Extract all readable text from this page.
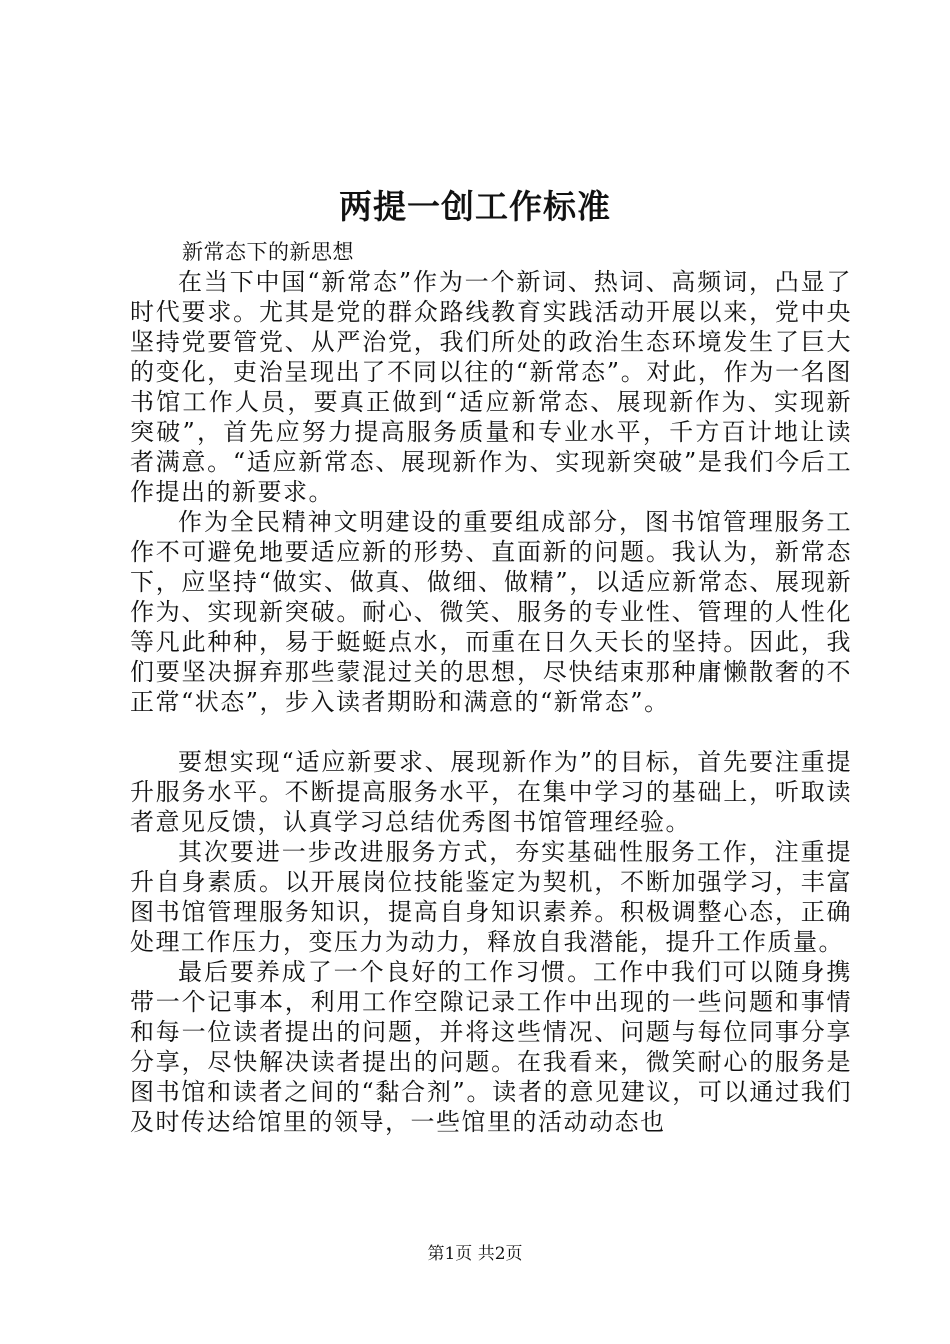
两提一创工作标准

新常态下的新思想

在当下中国“新常态”作为一个新词、热词、高频词，凸显了时代要求。尤其是党的群众路线教育实践活动开展以来，党中央坚持党要管党、从严治党，我们所处的政治生态环境发生了巨大的变化，吏治呈现出了不同以往的“新常态”。对此，作为一名图书馆工作人员，要真正做到“适应新常态、展现新作为、实现新突破”，首先应努力提高服务质量和专业水平，千方百计地让读者满意。“适应新常态、展现新作为、实现新突破”是我们今后工作提出的新要求。

作为全民精神文明建设的重要组成部分，图书馆管理服务工作不可避免地要适应新的形势、直面新的问题。我认为，新常态下，应坚持“做实、做真、做细、做精”，以适应新常态、展现新作为、实现新突破。耐心、微笑、服务的专业性、管理的人性化等凡此种种，易于蜓蜓点水，而重在日久天长的坚持。因此，我们要坚决摒弃那些蒙混过关的思想，尽快结束那种庸懒散奢的不正常“状态”，步入读者期盼和满意的“新常态”。

要想实现“适应新要求、展现新作为”的目标，首先要注重提升服务水平。不断提高服务水平，在集中学习的基础上，听取读者意见反馈，认真学习总结优秀图书馆管理经验。

其次要进一步改进服务方式，夯实基础性服务工作，注重提升自身素质。以开展岗位技能鉴定为契机，不断加强学习，丰富图书馆管理服务知识，提高自身知识素养。积极调整心态，正确处理工作压力，变压力为动力，释放自我潜能，提升工作质量。

最后要养成了一个良好的工作习惯。工作中我们可以随身携带一个记事本，利用工作空隙记录工作中出现的一些问题和事情和每一位读者提出的问题，并将这些情况、问题与每位同事分享分享，尽快解决读者提出的问题。在我看来，微笑耐心的服务是图书馆和读者之间的“黏合剂”。读者的意见建议，可以通过我们及时传达给馆里的领导，一些馆里的活动动态也

第1页 共2页
